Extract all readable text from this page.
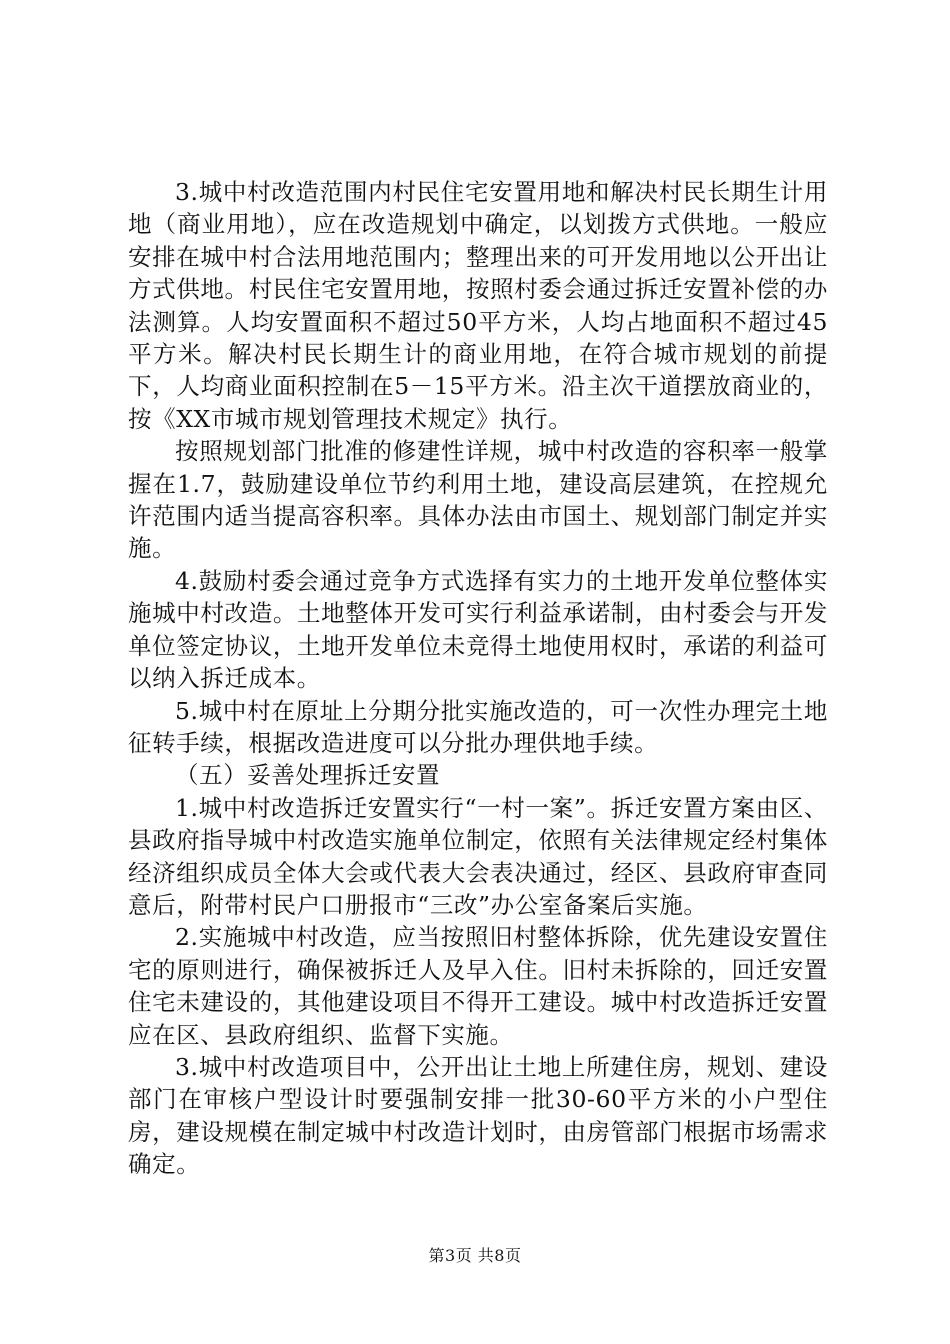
3.城中村改造范围内村民住宅安置用地和解决村民长期生计用地（商业用地），应在改造规划中确定，以划拨方式供地。一般应安排在城中村合法用地范围内；整理出来的可开发用地以公开出让方式供地。村民住宅安置用地，按照村委会通过拆迁安置补偿的办法测算。人均安置面积不超过50平方米，人均占地面积不超过45平方米。解决村民长期生计的商业用地，在符合城市规划的前提下，人均商业面积控制在5－15平方米。沿主次干道摆放商业的，按《XX市城市规划管理技术规定》执行。

按照规划部门批准的修建性详规，城中村改造的容积率一般掌握在1.7，鼓励建设单位节约利用土地，建设高层建筑，在控规允许范围内适当提高容积率。具体办法由市国土、规划部门制定并实施。

4.鼓励村委会通过竞争方式选择有实力的土地开发单位整体实施城中村改造。土地整体开发可实行利益承诺制，由村委会与开发单位签定协议，土地开发单位未竞得土地使用权时，承诺的利益可以纳入拆迁成本。

5.城中村在原址上分期分批实施改造的，可一次性办理完土地征转手续，根据改造进度可以分批办理供地手续。

（五）妥善处理拆迁安置

1.城中村改造拆迁安置实行“一村一案”。拆迁安置方案由区、县政府指导城中村改造实施单位制定，依照有关法律规定经村集体经济组织成员全体大会或代表大会表决通过，经区、县政府审查同意后，附带村民户口册报市“三改”办公室备案后实施。

2.实施城中村改造，应当按照旧村整体拆除，优先建设安置住宅的原则进行，确保被拆迁人及早入住。旧村未拆除的，回迁安置住宅未建设的，其他建设项目不得开工建设。城中村改造拆迁安置应在区、县政府组织、监督下实施。

3.城中村改造项目中，公开出让土地上所建住房，规划、建设部门在审核户型设计时要强制安排一批30-60平方米的小户型住房，建设规模在制定城中村改造计划时，由房管部门根据市场需求确定。

第3页 共8页
